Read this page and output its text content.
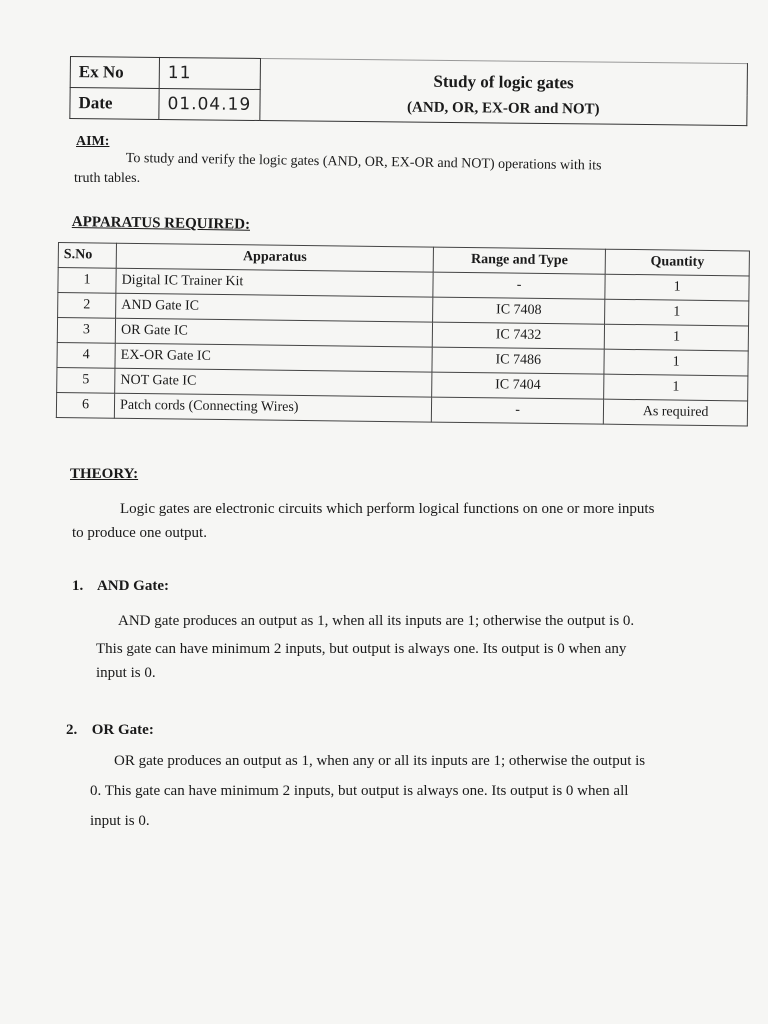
Ex No	11	Study of logic gates
(AND, OR, EX-OR and NOT)

Date	01.04.19	
AIM:
To study and verify the logic gates (AND, OR, EX-OR and NOT) operations with its
truth tables.
APPARATUS REQUIRED:
S.No	Apparatus	Range and Type	Quantity
1	Digital IC Trainer Kit	-	1
2	AND Gate IC	IC 7408	1
3	OR Gate IC	IC 7432	1
4	EX-OR Gate IC	IC 7486	1
5	NOT Gate IC	IC 7404	1
6	Patch cords (Connecting Wires)	-	As required
THEORY:
Logic gates are electronic circuits which perform logical functions on one or more inputs
to produce one output.
1. AND Gate:
AND gate produces an output as 1, when all its inputs are 1; otherwise the output is 0.
This gate can have minimum 2 inputs, but output is always one. Its output is 0 when any
input is 0.
2. OR Gate:
OR gate produces an output as 1, when any or all its inputs are 1; otherwise the output is
0. This gate can have minimum 2 inputs, but output is always one. Its output is 0 when all
input is 0.
